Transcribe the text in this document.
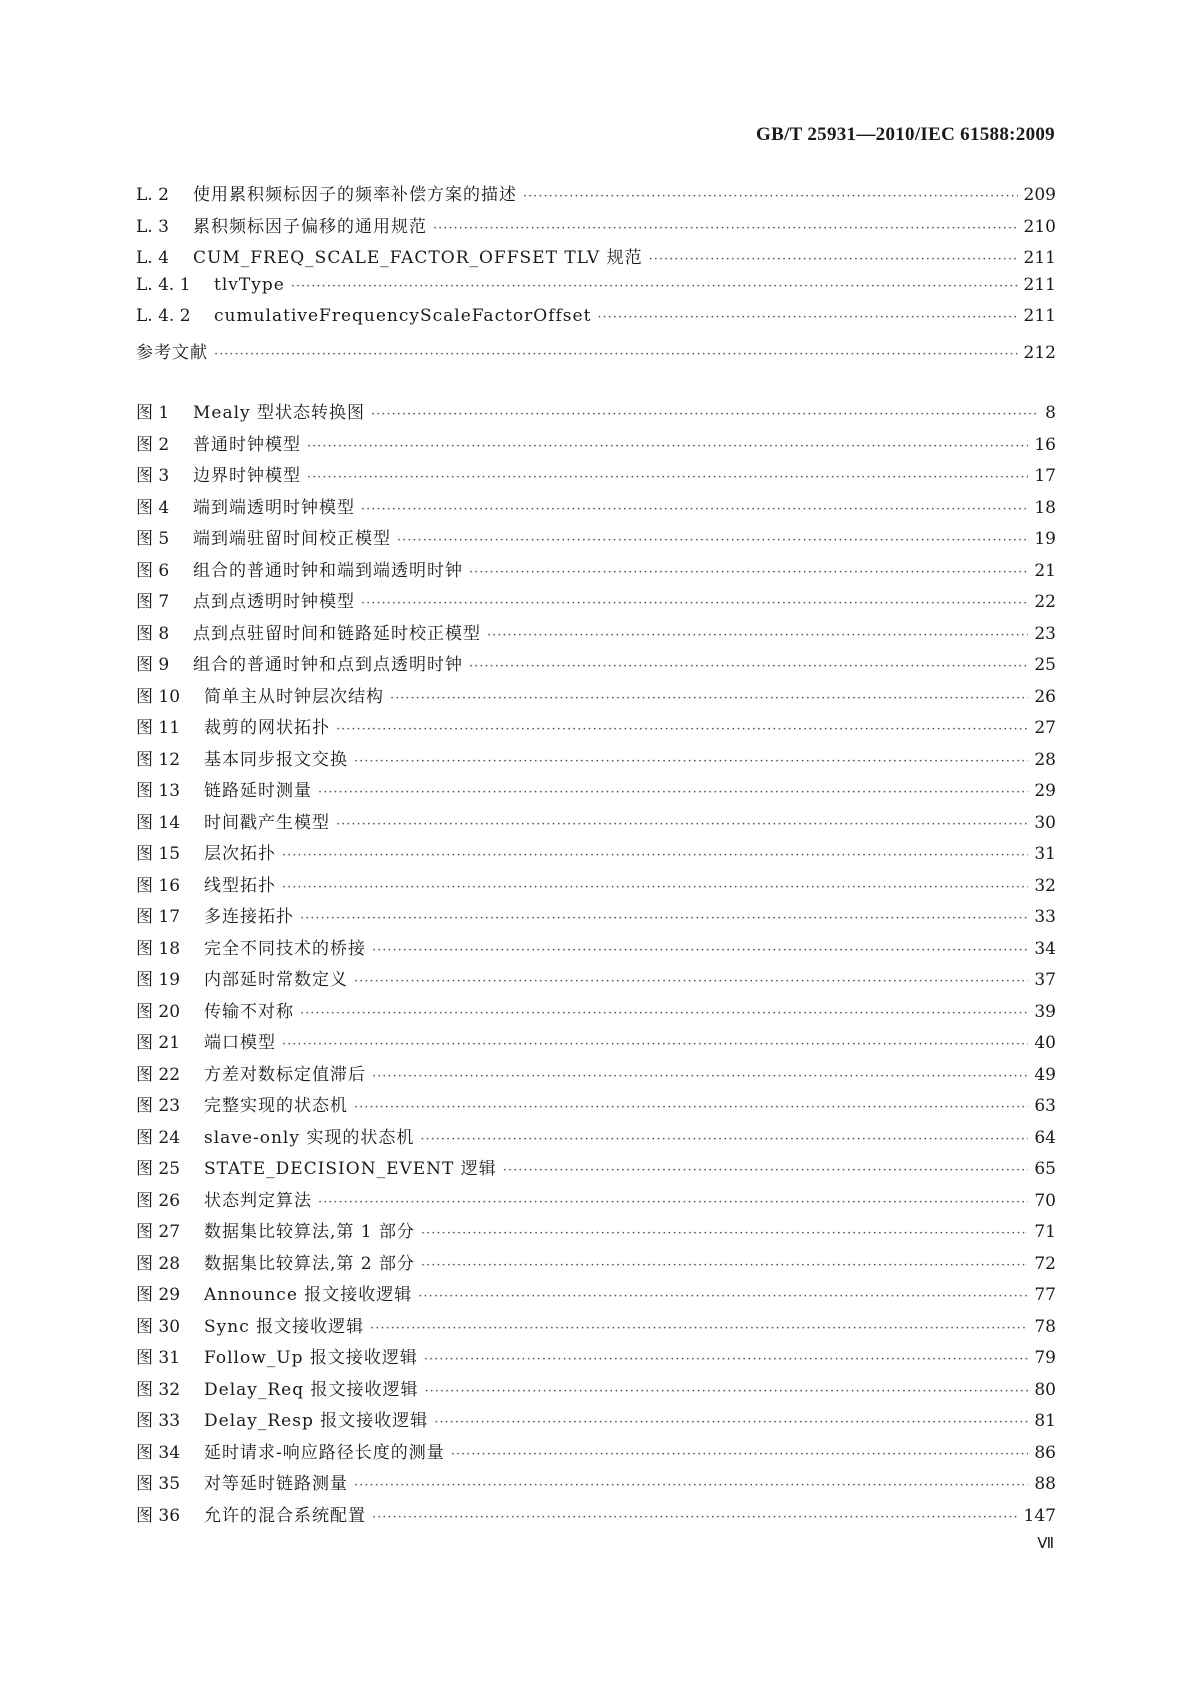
GB/T 25931—2010/IEC 61588:2009
L. 2	使用累积频标因子的频率补偿方案的描述 ·····	209
L. 3	累积频标因子偏移的通用规范 ·····	210
L. 4	CUM_FREQ_SCALE_FACTOR_OFFSET TLV 规范 ·····	211
L. 4. 1	tlvType ·····	211
L. 4. 2	cumulativeFrequencyScaleFactorOffset ·····	211
参考文献 ·····	212
图 1	Mealy 型状态转换图 ·····	8
图 2	普通时钟模型 ·····	16
图 3	边界时钟模型 ·····	17
图 4	端到端透明时钟模型 ·····	18
图 5	端到端驻留时间校正模型 ·····	19
图 6	组合的普通时钟和端到端透明时钟 ·····	21
图 7	点到点透明时钟模型 ·····	22
图 8	点到点驻留时间和链路延时校正模型 ·····	23
图 9	组合的普通时钟和点到点透明时钟 ·····	25
图 10	简单主从时钟层次结构 ·····	26
图 11	裁剪的网状拓扑 ·····	27
图 12	基本同步报文交换 ·····	28
图 13	链路延时测量 ·····	29
图 14	时间戳产生模型 ·····	30
图 15	层次拓扑 ·····	31
图 16	线型拓扑 ·····	32
图 17	多连接拓扑 ·····	33
图 18	完全不同技术的桥接 ·····	34
图 19	内部延时常数定义 ·····	37
图 20	传输不对称 ·····	39
图 21	端口模型 ·····	40
图 22	方差对数标定值滞后 ·····	49
图 23	完整实现的状态机 ·····	63
图 24	slave-only 实现的状态机 ·····	64
图 25	STATE_DECISION_EVENT 逻辑 ·····	65
图 26	状态判定算法 ·····	70
图 27	数据集比较算法,第 1 部分 ·····	71
图 28	数据集比较算法,第 2 部分 ·····	72
图 29	Announce 报文接收逻辑 ·····	77
图 30	Sync 报文接收逻辑 ·····	78
图 31	Follow_Up 报文接收逻辑 ·····	79
图 32	Delay_Req 报文接收逻辑 ·····	80
图 33	Delay_Resp 报文接收逻辑 ·····	81
图 34	延时请求-响应路径长度的测量 ·····	86
图 35	对等延时链路测量 ·····	88
图 36	允许的混合系统配置 ·····	147
Ⅶ
